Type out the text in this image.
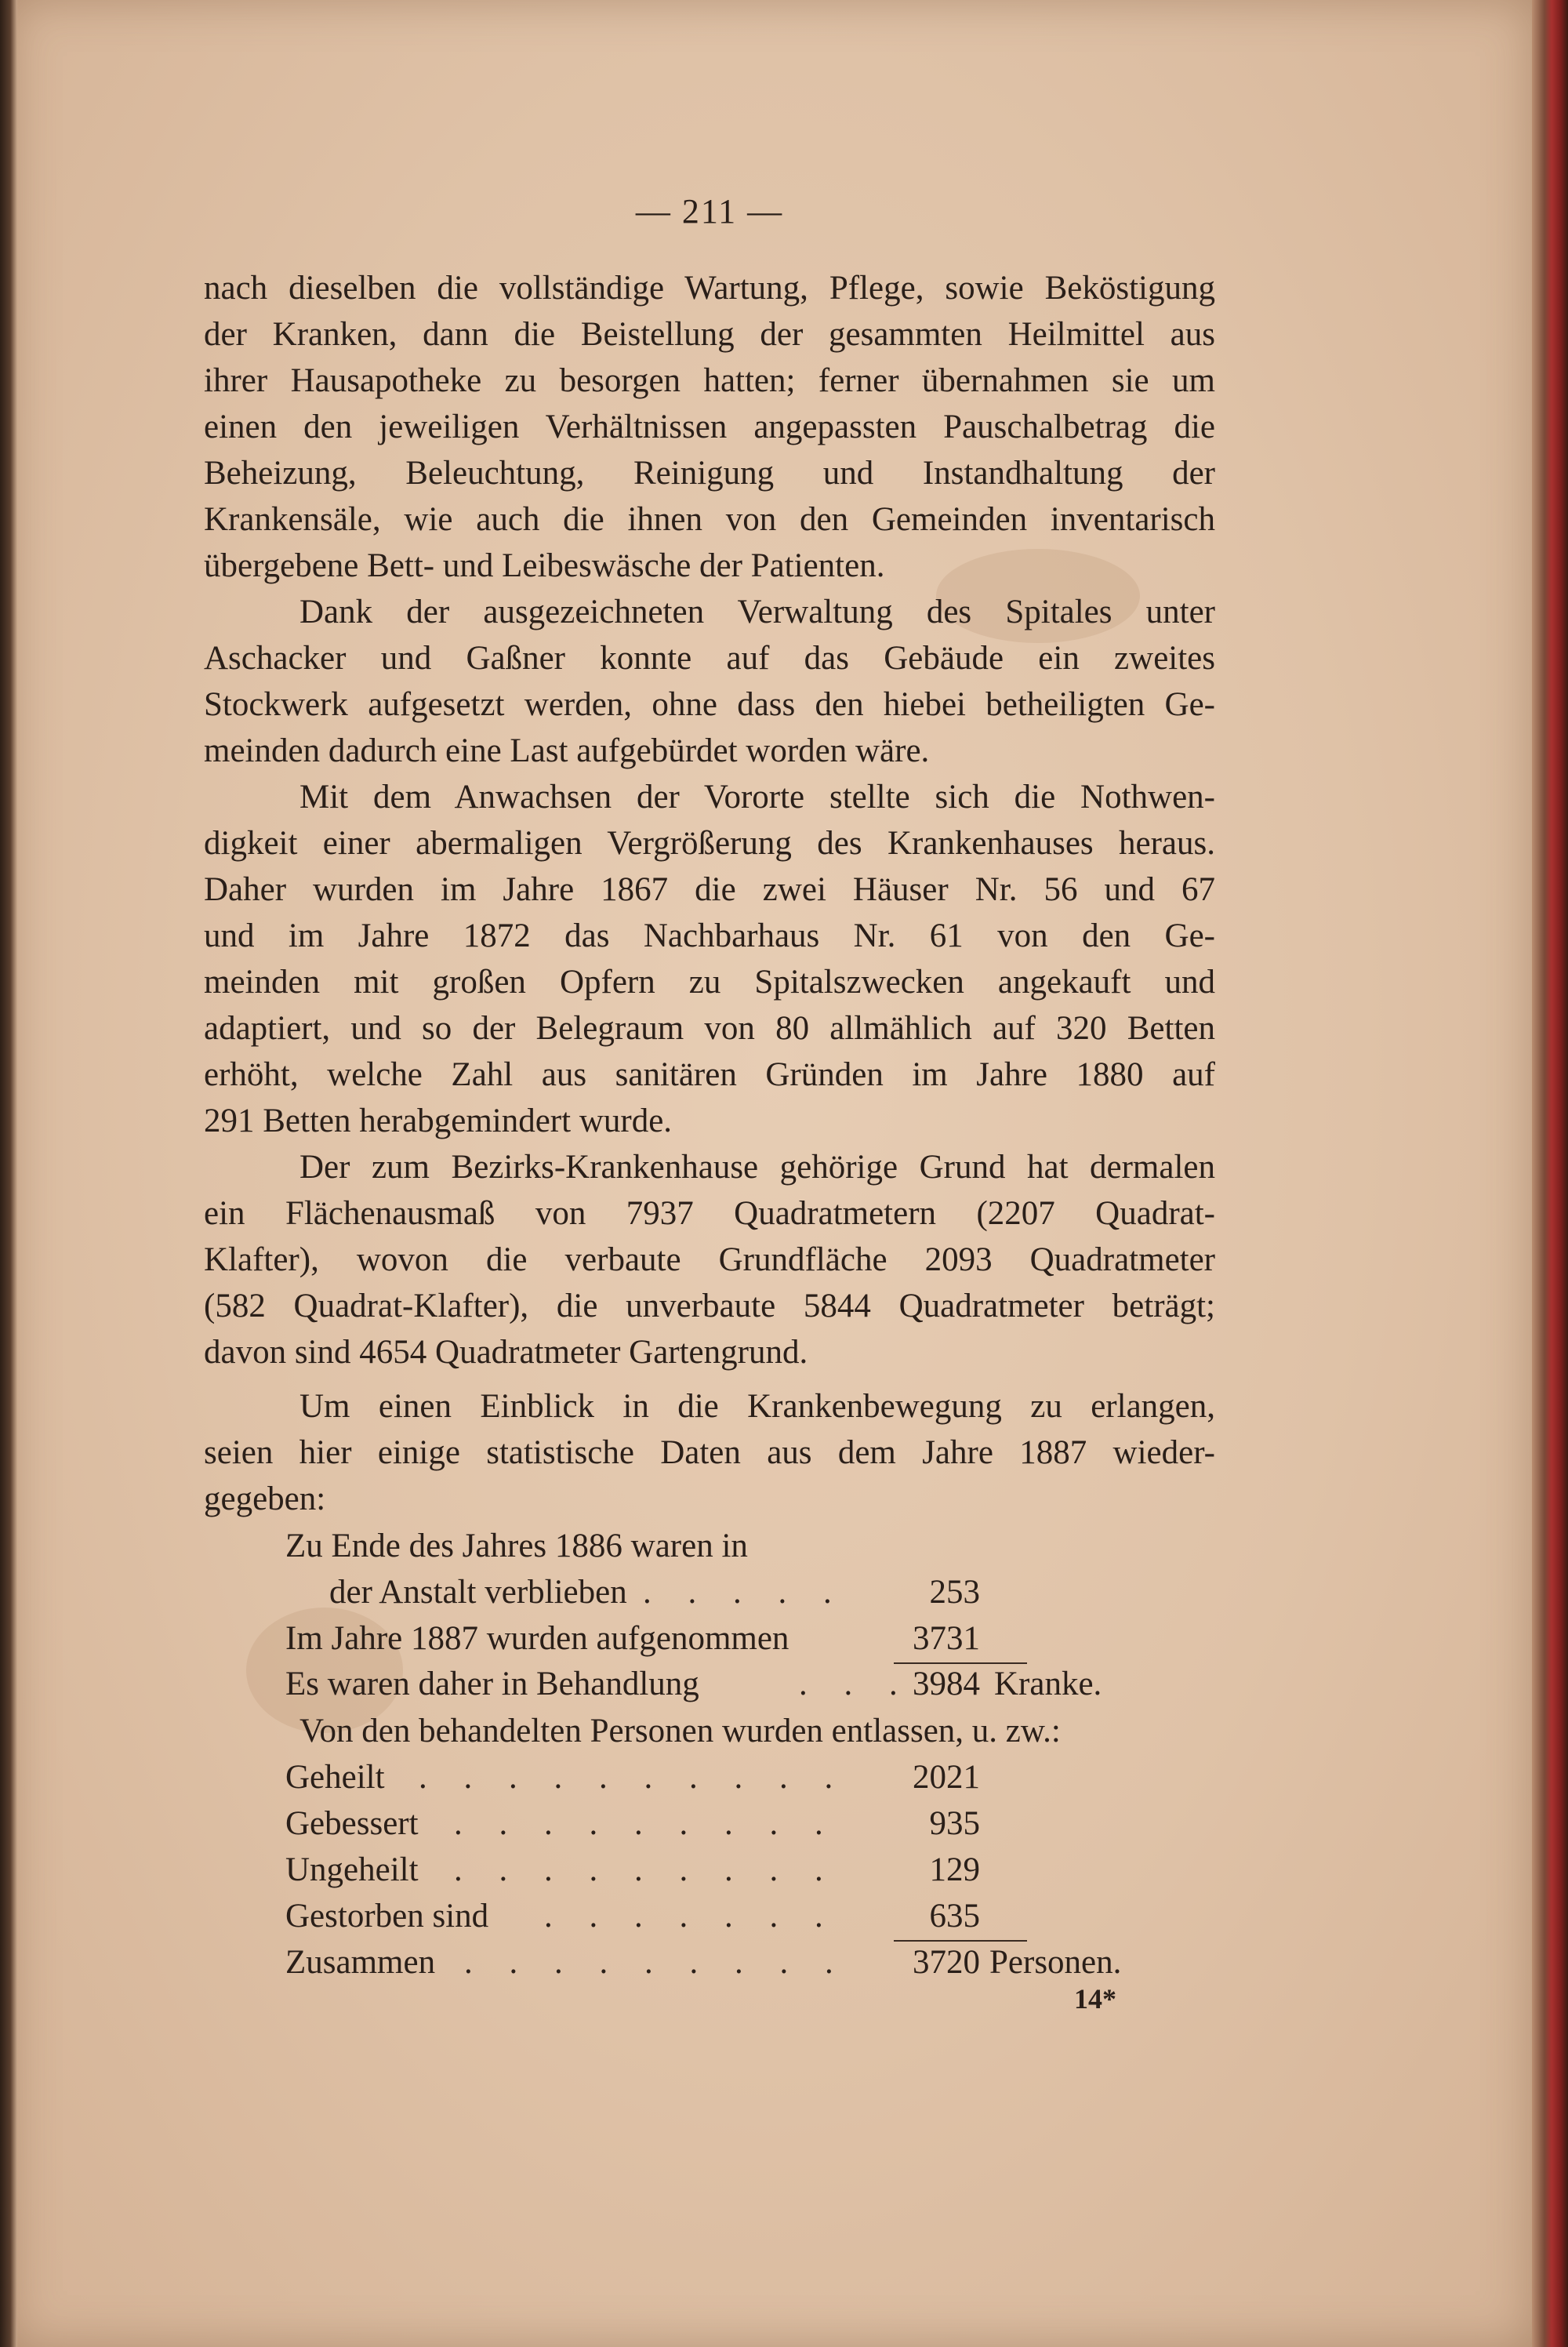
— 211 —
nach dieselben die vollständige Wartung, Pflege, sowie Beköstigung
der Kranken, dann die Beistellung der gesammten Heilmittel aus
ihrer Hausapotheke zu besorgen hatten; ferner übernahmen sie um
einen den jeweiligen Verhältnissen angepassten Pauschalbetrag die
Beheizung, Beleuchtung, Reinigung und Instandhaltung der
Krankensäle, wie auch die ihnen von den Gemeinden inventarisch
übergebene Bett- und Leibeswäsche der Patienten.
Dank der ausgezeichneten Verwaltung des Spitales unter
Aschacker und Gaßner konnte auf das Gebäude ein zweites
Stockwerk aufgesetzt werden, ohne dass den hiebei betheiligten Ge-
meinden dadurch eine Last aufgebürdet worden wäre.
Mit dem Anwachsen der Vororte stellte sich die Nothwen-
digkeit einer abermaligen Vergrößerung des Krankenhauses heraus.
Daher wurden im Jahre 1867 die zwei Häuser Nr. 56 und 67
und im Jahre 1872 das Nachbarhaus Nr. 61 von den Ge-
meinden mit großen Opfern zu Spitalszwecken angekauft und
adaptiert, und so der Belegraum von 80 allmählich auf 320 Betten
erhöht, welche Zahl aus sanitären Gründen im Jahre 1880 auf
291 Betten herabgemindert wurde.
Der zum Bezirks-Krankenhause gehörige Grund hat dermalen
ein Flächenausmaß von 7937 Quadratmetern (2207 Quadrat-
Klafter), wovon die verbaute Grundfläche 2093 Quadratmeter
(582 Quadrat-Klafter), die unverbaute 5844 Quadratmeter beträgt;
davon sind 4654 Quadratmeter Gartengrund.
Um einen Einblick in die Krankenbewegung zu erlangen,
seien hier einige statistische Daten aus dem Jahre 1887 wieder-
gegeben:
Zu Ende des Jahres 1886 waren in
der Anstalt verblieben . . . . .	253
Im Jahre 1887 wurden aufgenommen	3731
Es waren daher in Behandlung	. . . 3984 Kranke.
Von den behandelten Personen wurden entlassen, u. zw.:
Geheilt . . . . . . . . . .	2021
Gebessert . . . . . . . . .	935
Ungeheilt . . . . . . . . .	129
Gestorben sind . . . . . . .	635
Zusammen . . . . . . . . .	3720 Personen.
14*
